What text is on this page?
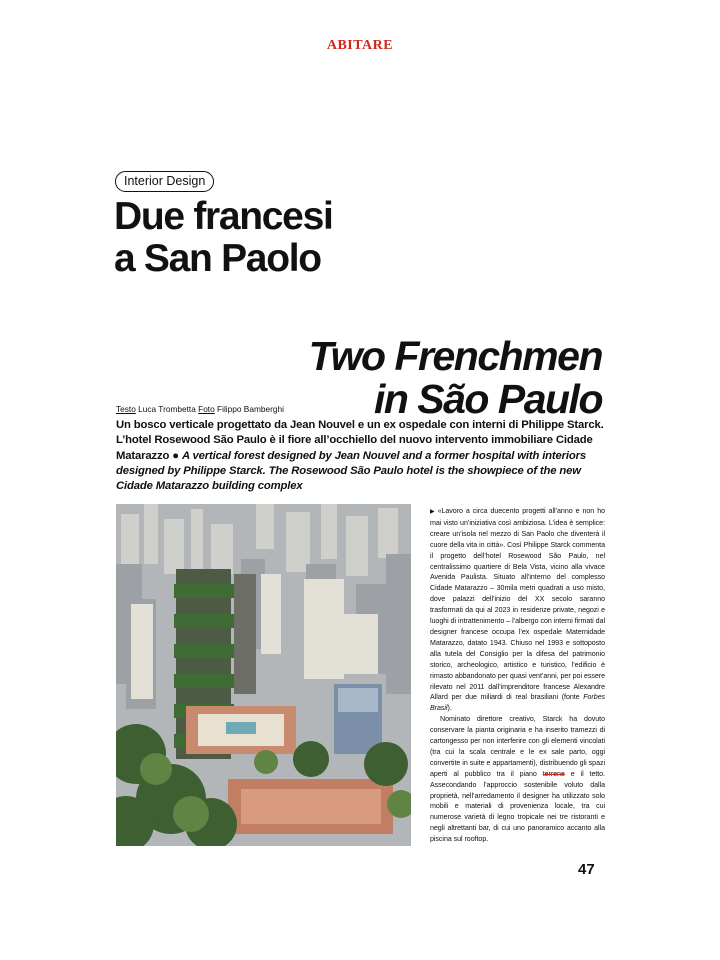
ABITARE
Interior Design
Due francesi
a San Paolo
Two Frenchmen
in São Paulo
Testo Luca Trombetta Foto Filippo Bamberghi
Un bosco verticale progettato da Jean Nouvel e un ex ospedale con interni di Philippe Starck. L’hotel Rosewood São Paulo è il fiore all’occhiello del nuovo intervento immobiliare Cidade Matarazzo ● A vertical forest designed by Jean Nouvel and a former hospital with interiors designed by Philippe Starck. The Rosewood São Paulo hotel is the showpiece of the new Cidade Matarazzo building complex

▶ «Lavoro a circa duecento progetti all’anno e non ho mai visto un’iniziativa così ambiziosa. L’idea è semplice: creare un’isola nel mezzo di San Paolo che diventerà il cuore della vita in città». Così Philippe Starck commenta il progetto dell’hotel Rosewood São Paulo, nel centralissimo quartiere di Bela Vista, vicino alla vivace Avenida Paulista. Situato all’interno del complesso Cidade Matarazzo – 30mila metri quadrati a uso misto, dove palazzi dell’inizio del XX secolo saranno trasformati da qui al 2023 in residenze private, negozi e luoghi di intrattenimento – l’albergo con interni firmati dal designer francese occupa l’ex ospedale Maternidade Matarazzo, datato 1943. Chiuso nel 1993 e sottoposto alla tutela del Consiglio per la difesa del patrimonio storico, archeologico, artistico e turistico, l’edificio è rimasto abbandonato per quasi vent’anni, per poi essere rilevato nel 2011 dall’imprenditore francese Alexandre Allard per due miliardi di real brasiliani (fonte Forbes Brasil).

Nominato direttore creativo, Starck ha dovuto conservare la pianta originaria e ha inserito tramezzi di cartongesso per non interferire con gli elementi vincolati (tra cui la scala centrale e le ex sale parto, oggi convertite in suite e appartamenti), distribuendo gli spazi aperti al pubblico tra il piano terrene e il tetto. Assecondando l’approccio sostenibile voluto dalla proprietà, nell’arredamento il designer ha utilizzato solo mobili e materiali di provenienza locale, tra cui numerose varietà di legno tropicale nei tre ristoranti e negli altrettanti bar, di cui uno panoramico accanto alla piscina sul rooftop.

47
